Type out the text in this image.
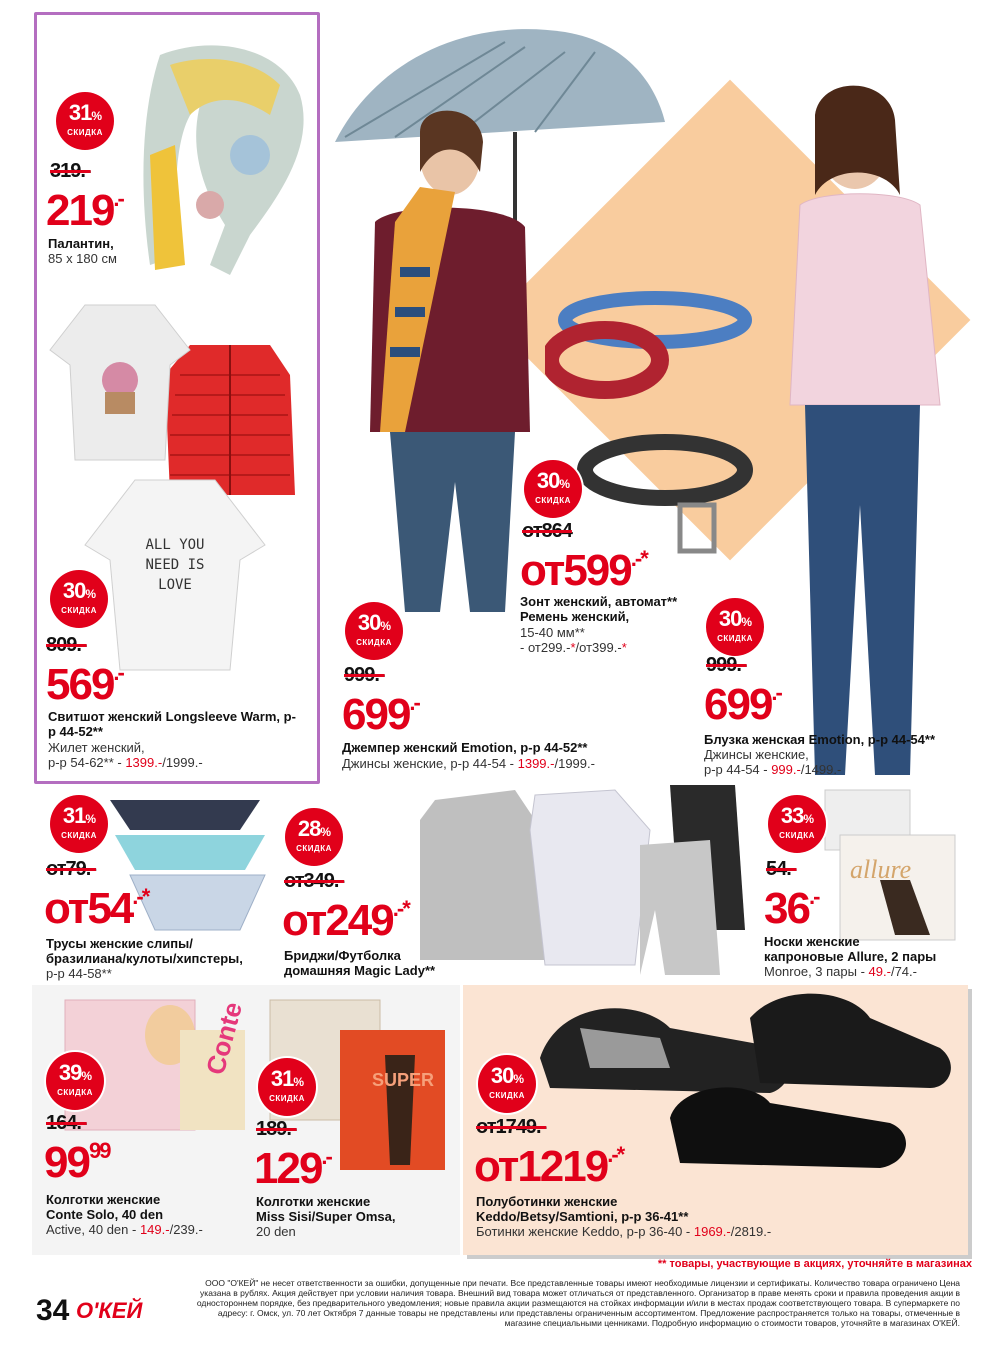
ALL YOU NEED IS LOVE
allure
Conte
SUPER
31%
СКИДКА
319.-
219.-
Палантин,
85 х 180 см
30%
СКИДКА
809.-
569.-
Свитшот женский Longsleeve Warm, р-р 44-52**
Жилет женский,
р-р 54-62** - 1399.-/1999.-
30%
СКИДКА
от864
от599.-*
Зонт женский, автомат**
Ремень женский,
15-40 мм**
- от299.-*/от399.-*
30%
СКИДКА
999.-
699.-
Джемпер женский Emotion, р-р 44-52**
Джинсы женские, р-р 44-54 - 1399.-/1999.-
30%
СКИДКА
999.-
699.-
Блузка женская Emotion, р-р 44-54**
Джинсы женские,
р-р 44-54 - 999.-/1499.-
31%
СКИДКА
от79.-
от54.-*
Трусы женские слипы/
бразилиана/кулоты/хипстеры,
р-р 44-58**
28%
СКИДКА
от349.-
от249.-*
Бриджи/Футболка
домашняя Magic Lady**
33%
СКИДКА
54.-
36.-
Носки женские
капроновые Allure, 2 пары
Monroe, 3 пары - 49.-/74.-
39%
СКИДКА
164.-
$99^{99}$
Колготки женские
Conte Solo, 40 den
Active, 40 den - 149.-/239.-
31%
СКИДКА
189.-
129.-
Колготки женские
Miss Sisi/Super Omsa,
20 den
30%
СКИДКА
от1749.-
от1219.-*
Полуботинки женские
Keddo/Betsy/Samtioni, р-р 36-41**
Ботинки женские Keddo, р-р 36-40 - 1969.-/2819.-
** товары, участвующие в акциях, уточняйте в магазинах
34 О'КЕЙ
ООО "О'КЕЙ" не несет ответственности за ошибки, допущенные при печати. Все представленные товары имеют необходимые лицензии и сертификаты. Количество товара ограничено Цена указана в рублях. Акция действует при условии наличия товара. Внешний вид товара может отличаться от представленного. Организатор в праве менять сроки и правила проведения акции в одностороннем порядке, без предварительного уведомления; новые правила акции размещаются на стойках информации и/или в местах продаж соответствующего товара. В супермаркете по адресу: г. Омск, ул. 70 лет Октября 7 данные товары не представлены или представлены ограниченным ассортиментом. Предложение распространяется только на товары, отмеченные в магазине специальными ценниками. Подробную информацию о стоимости товаров, уточняйте в магазинах О'КЕЙ.
